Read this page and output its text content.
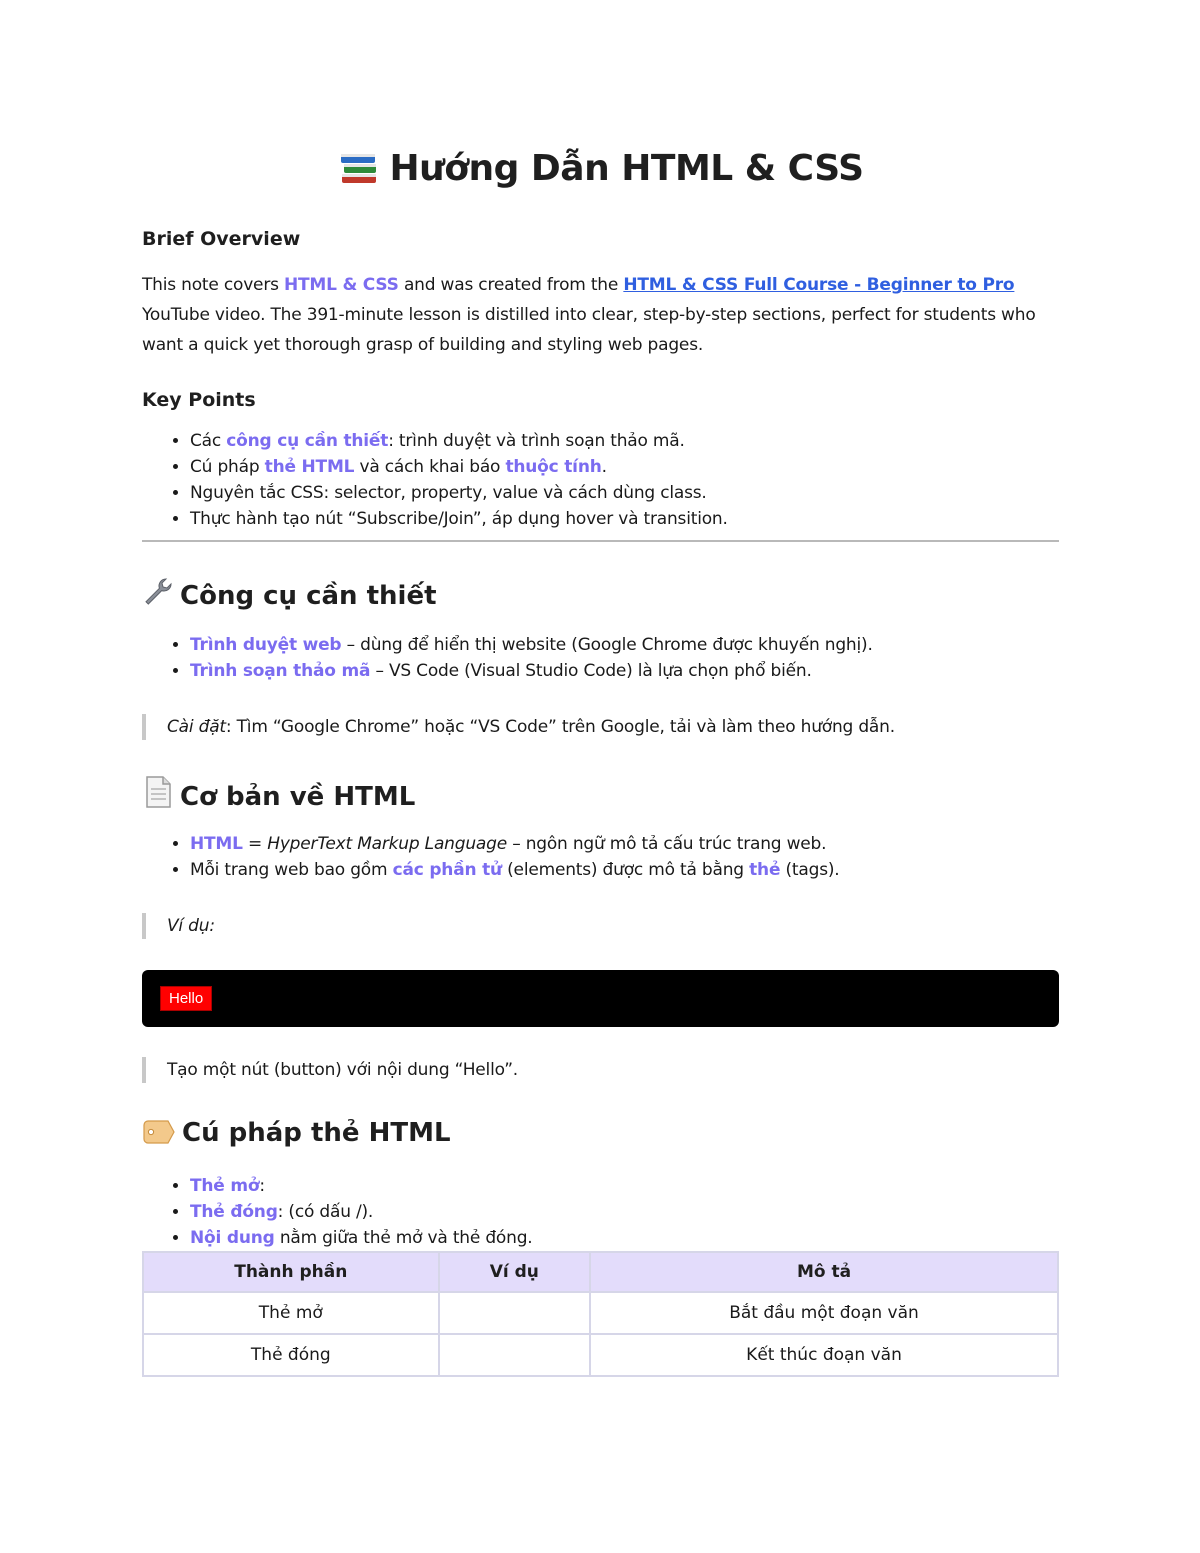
Hướng Dẫn HTML & CSS
Brief Overview

This note covers HTML & CSS and was created from the HTML & CSS Full Course - Beginner to Pro YouTube video. The 391-minute lesson is distilled into clear, step-by-step sections, perfect for students who want a quick yet thorough grasp of building and styling web pages.

Key Points
• Các công cụ cần thiết: trình duyệt và trình soạn thảo mã.
• Cú pháp thẻ HTML và cách khai báo thuộc tính.
• Nguyên tắc CSS: selector, property, value và cách dùng class.
• Thực hành tạo nút “Subscribe/Join”, áp dụng hover và transition.
Công cụ cần thiết
• Trình duyệt web – dùng để hiển thị website (Google Chrome được khuyến nghị).
• Trình soạn thảo mã – VS Code (Visual Studio Code) là lựa chọn phổ biến.
Cài đặt: Tìm “Google Chrome” hoặc “VS Code” trên Google, tải và làm theo hướng dẫn.
Cơ bản về HTML
• HTML = HyperText Markup Language – ngôn ngữ mô tả cấu trúc trang web.
• Mỗi trang web bao gồm các phần tử (elements) được mô tả bằng thẻ (tags).
Ví dụ:
Hello
Tạo một nút (button) với nội dung “Hello”.
Cú pháp thẻ HTML
• Thẻ mở:
• Thẻ đóng: (có dấu /).
• Nội dung nằm giữa thẻ mở và thẻ đóng.
Thành phần	Ví dụ	Mô tả
Thẻ mở		Bắt đầu một đoạn văn
Thẻ đóng		Kết thúc đoạn văn
